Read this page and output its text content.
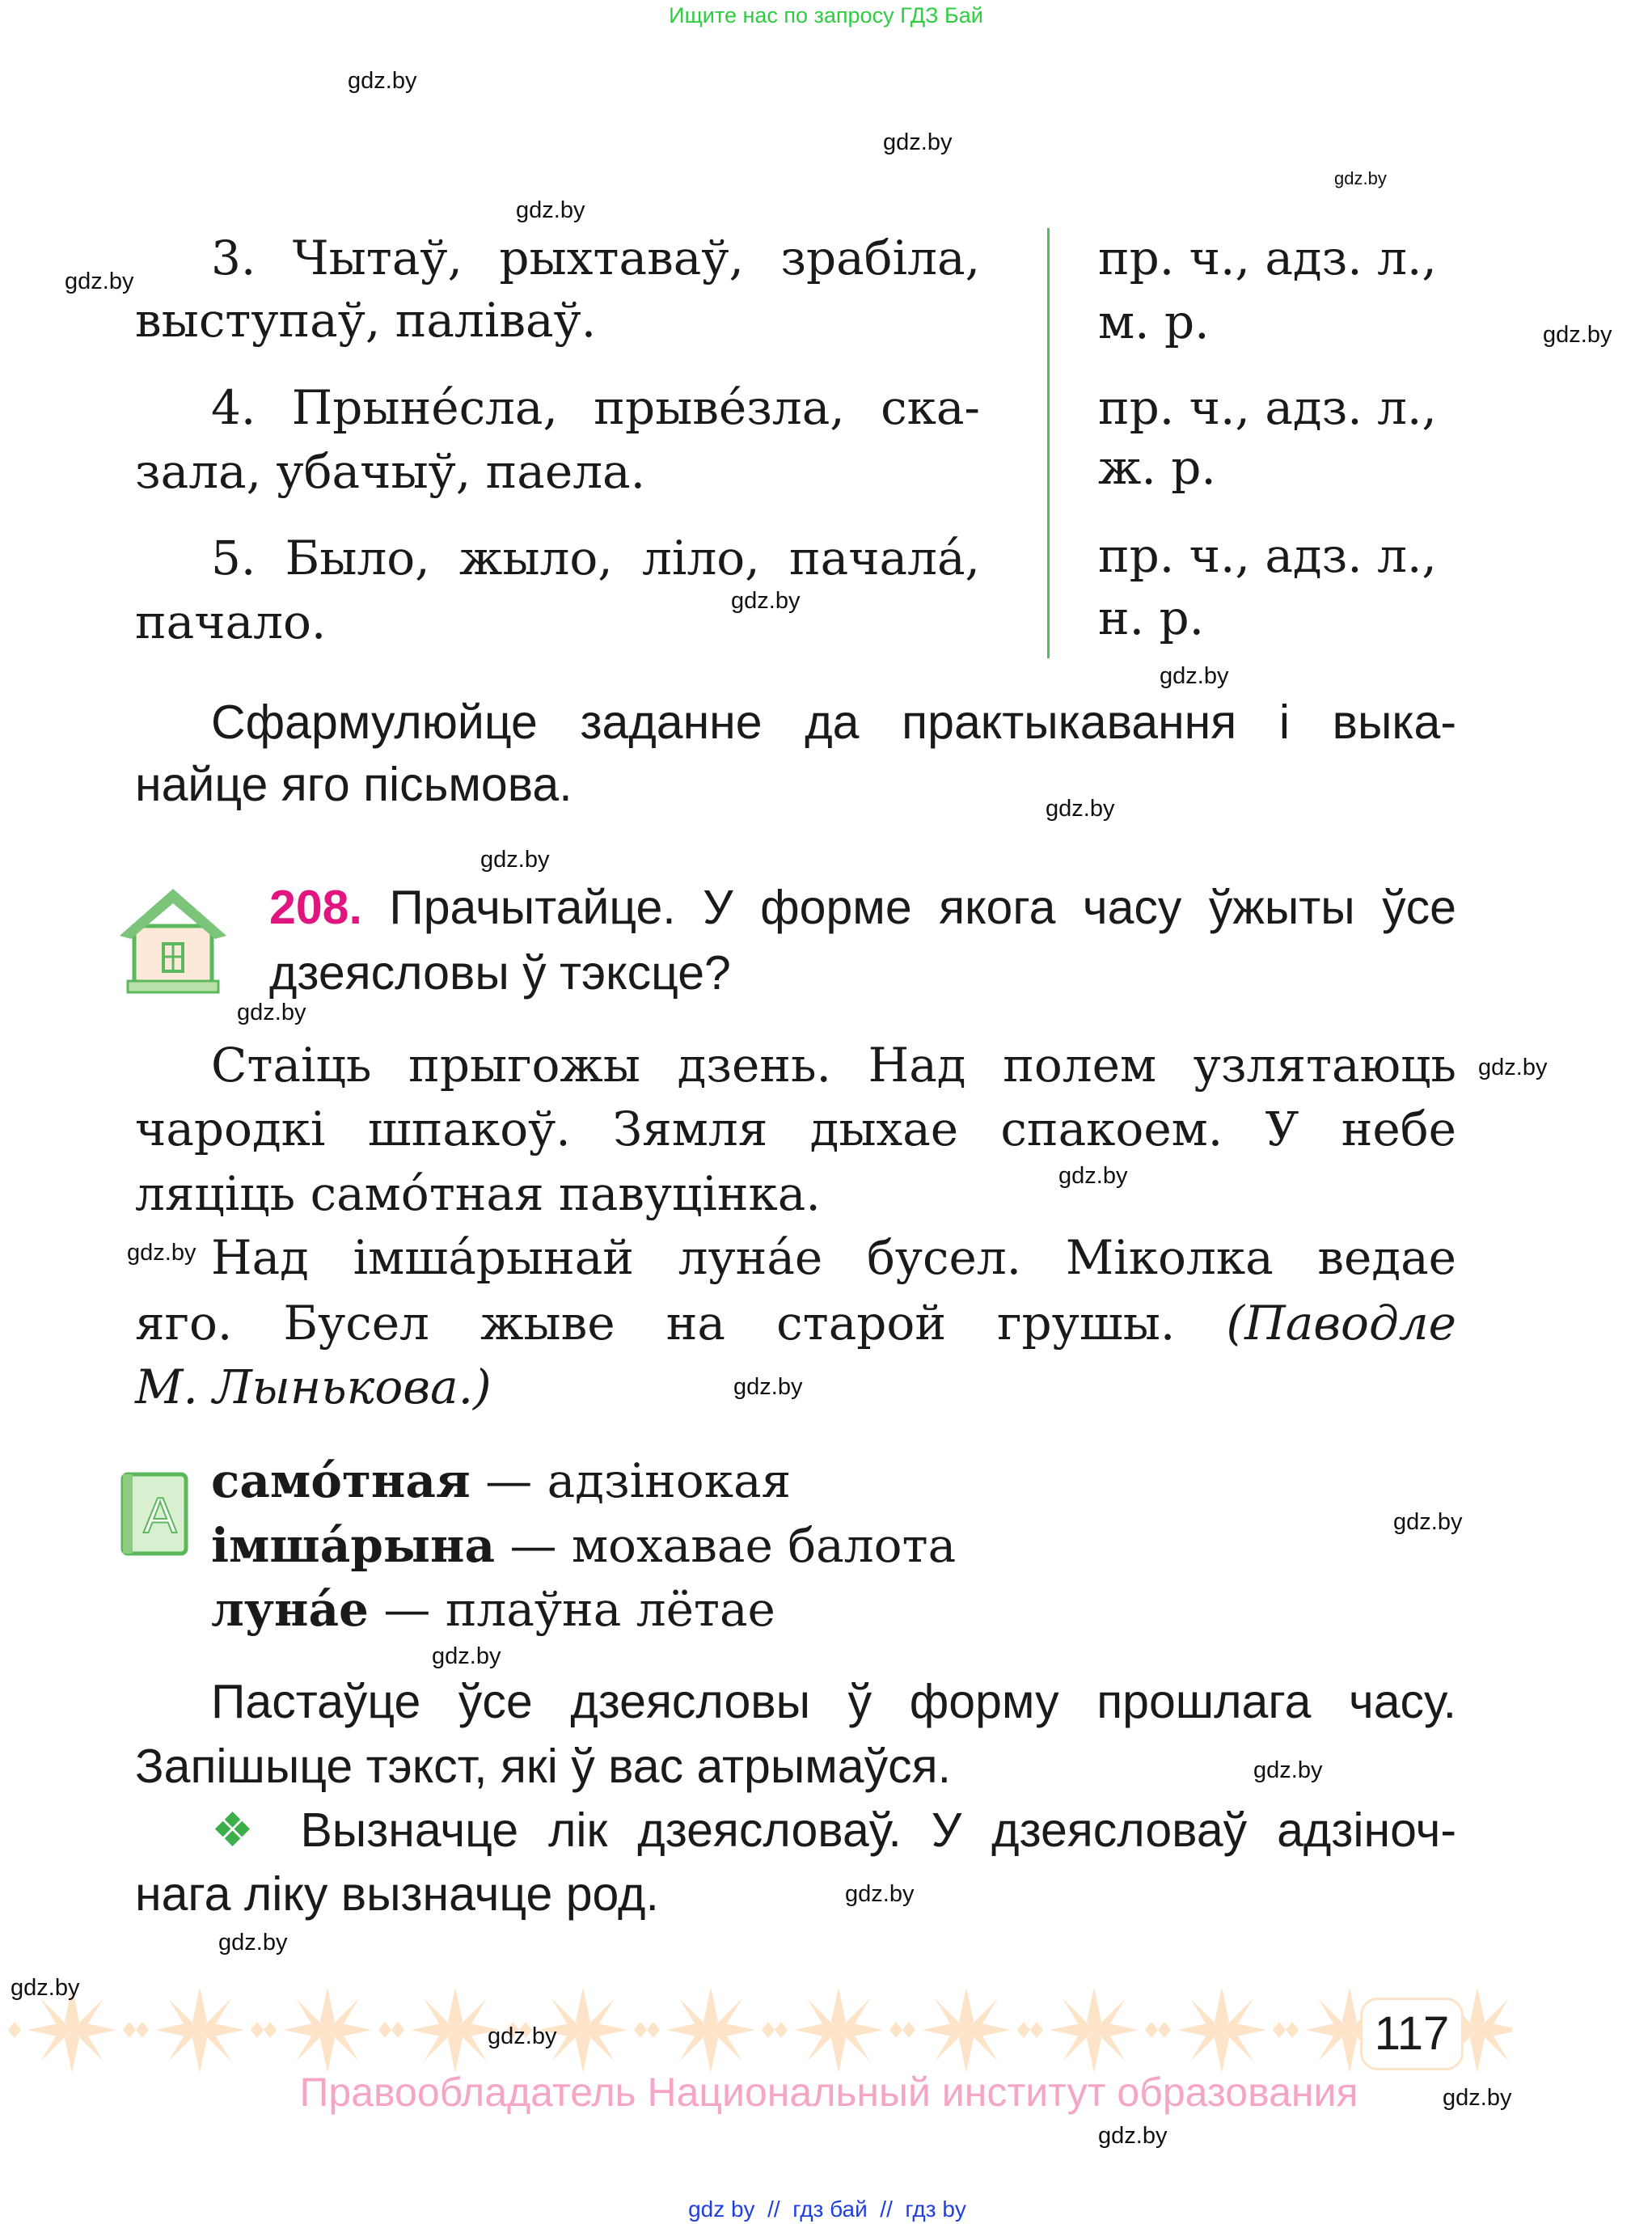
Ищите нас по запросу ГДЗ Бай
3. Чытаў, рыхтаваў, зрабіла,
выступаў, паліваў.
4. Прыне́сла, прыве́зла, ска-
зала, убачыў, паела.
5. Было, жыло, ліло, пачала́,
пачало.
пр. ч., адз. л.,
м. р.
пр. ч., адз. л.,
ж. р.
пр. ч., адз. л.,
н. р.
Сфармулюйце заданне да практыкавання і выка-
найце яго пісьмова.
208. Прачытайце. У форме якога часу ўжыты ўсе
дзеясловы ў тэксце?
Стаіць прыгожы дзень. Над полем узлятаюць
чародкі шпакоў. Зямля дыхае спакоем. У небе
ляціць само́тная павуцінка.
Над імша́рынай луна́е бусел. Міколка ведае
яго. Бусел жыве на старой грушы. (Паводле
М. Лынькова.)
A
само́тная — адзінокая
імша́рына — мохавае балота
луна́е — плаўна лётае
Пастаўце ўсе дзеясловы ў форму прошлага часу.
Запішыце тэкст, які ў вас атрымаўся.
❖ Вызначце лік дзеясловаў. У дзеясловаў адзіноч-
нага ліку вызначце род.
117
Правообладатель Национальный институт образования
gdz by  //  гдз бай  //  гдз by
gdz.by
gdz.by
gdz.by
gdz.by
gdz.by
gdz.by
gdz.by
gdz.by
gdz.by
gdz.by
gdz.by
gdz.by
gdz.by
gdz.by
gdz.by
gdz.by
gdz.by
gdz.by
gdz.by
gdz.by
gdz.by
gdz.by
gdz.by
gdz.by
